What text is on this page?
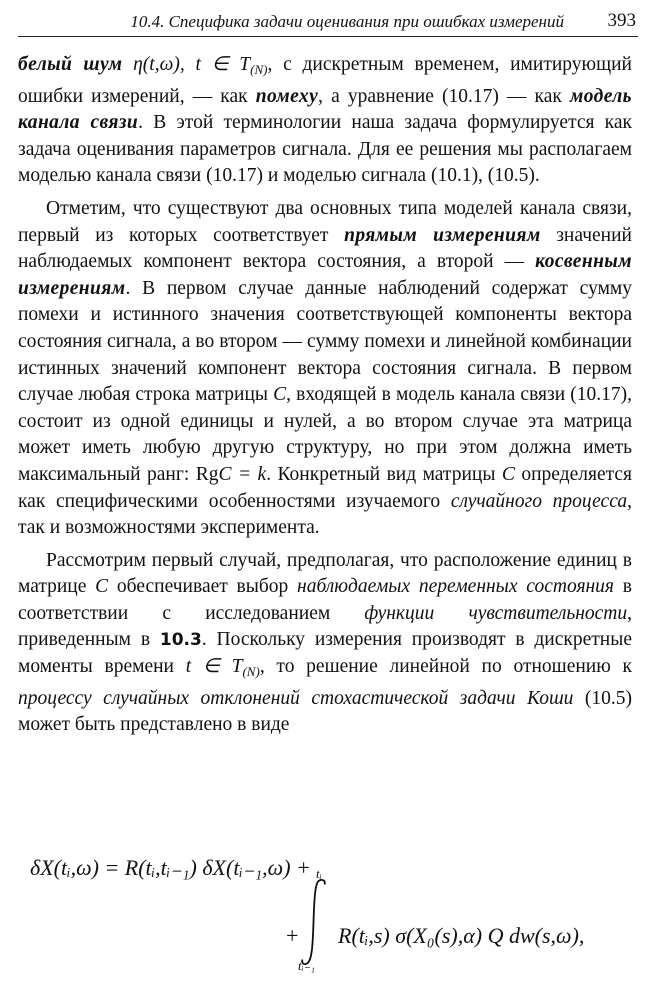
10.4. Специфика задачи оценивания при ошибках измерений 393

белый шум η(t,ω), t ∈ $T_{(N)}$, с дискретным временем, имитирующий ошибки измерений, — как помеху, а уравнение (10.17) — как модель канала связи. В этой терминологии наша задача формулируется как задача оценивания параметров сигнала. Для ее решения мы располагаем моделью канала связи (10.17) и моделью сигнала (10.1), (10.5).

Отметим, что существуют два основных типа моделей канала связи, первый из которых соответствует прямым измерениям значений наблюдаемых компонент вектора состояния, а второй — косвенным измерениям. В первом случае данные наблюдений содержат сумму помехи и истинного значения соответствующей компоненты вектора состояния сигнала, а во втором — сумму помехи и линейной комбинации истинных значений компонент вектора состояния сигнала. В первом случае любая строка матрицы C, входящей в модель канала связи (10.17), состоит из одной единицы и нулей, а во втором случае эта матрица может иметь любую другую структуру, но при этом должна иметь максимальный ранг: RgC = k. Конкретный вид матрицы C определяется как специфическими особенностями изучаемого случайного процесса, так и возможностями эксперимента.

Рассмотрим первый случай, предполагая, что расположение единиц в матрице C обеспечивает выбор наблюдаемых переменных состояния в соответствии с исследованием функции чувствительности, приведенным в 10.3. Поскольку измерения производят в дискретные моменты времени t ∈ $T_{(N)}$, то решение линейной по отношению к процессу случайных отклонений стохастической задачи Коши (10.5) может быть представлено в виде

δX(tᵢ,ω) = R(tᵢ,tᵢ₋₁) δX(tᵢ₋₁,ω) +
+
tᵢ
tᵢ₋₁
R(tᵢ,s) σ(X₀(s),α) Q dw(s,ω),
